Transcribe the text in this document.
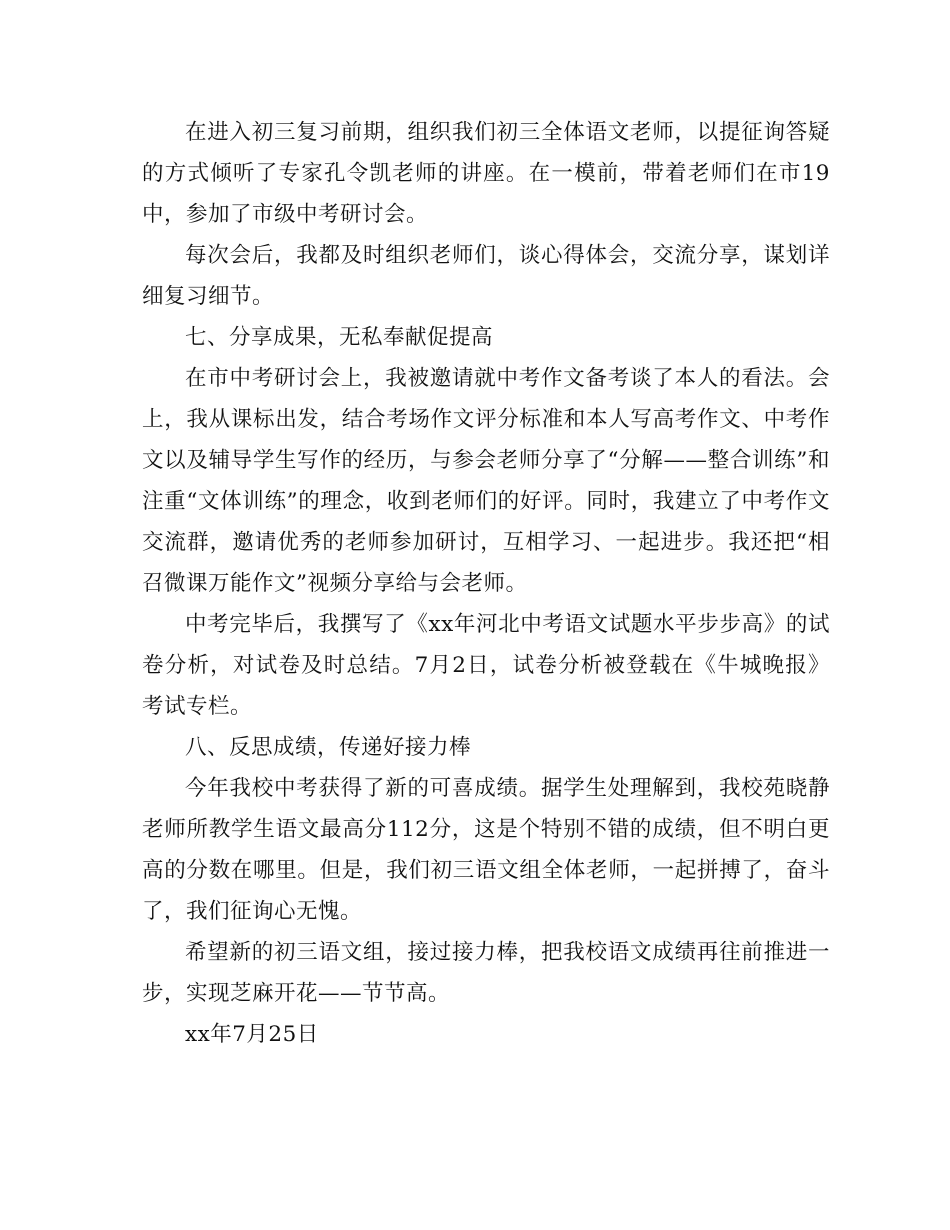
在进入初三复习前期，组织我们初三全体语文老师，以提征询答疑的方式倾听了专家孔令凯老师的讲座。在一模前，带着老师们在市19中，参加了市级中考研讨会。

每次会后，我都及时组织老师们，谈心得体会，交流分享，谋划详细复习细节。

七、分享成果，无私奉献促提高

在市中考研讨会上，我被邀请就中考作文备考谈了本人的看法。会上，我从课标出发，结合考场作文评分标准和本人写高考作文、中考作文以及辅导学生写作的经历，与参会老师分享了“分解——整合训练”和注重“文体训练”的理念，收到老师们的好评。同时，我建立了中考作文交流群，邀请优秀的老师参加研讨，互相学习、一起进步。我还把“相召微课万能作文”视频分享给与会老师。

中考完毕后，我撰写了《xx年河北中考语文试题水平步步高》的试卷分析，对试卷及时总结。7月2日，试卷分析被登载在《牛城晚报》考试专栏。

八、反思成绩，传递好接力棒

今年我校中考获得了新的可喜成绩。据学生处理解到，我校苑晓静老师所教学生语文最高分112分，这是个特别不错的成绩，但不明白更高的分数在哪里。但是，我们初三语文组全体老师，一起拼搏了，奋斗了，我们征询心无愧。

希望新的初三语文组，接过接力棒，把我校语文成绩再往前推进一步，实现芝麻开花——节节高。

xx年7月25日
